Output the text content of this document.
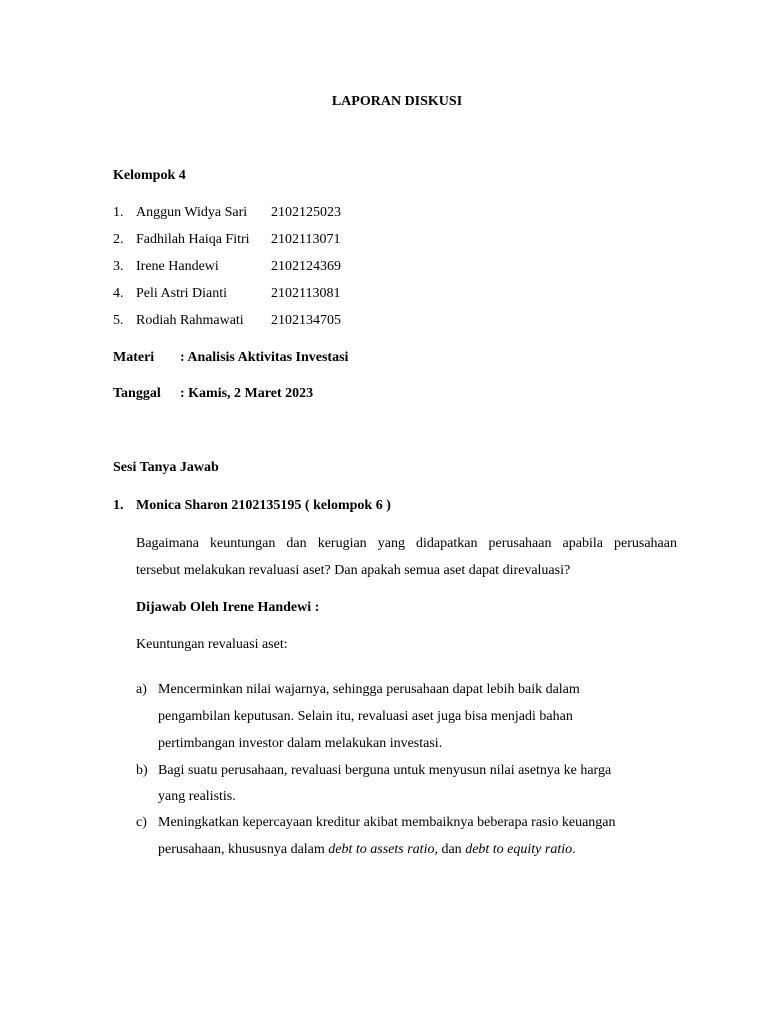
LAPORAN DISKUSI
Kelompok 4
1. Anggun Widya Sari 2102125023
2. Fadhilah Haiqa Fitri 2102113071
3. Irene Handewi	2102124369
4. Peli Astri Dianti	2102113081
5. Rodiah Rahmawati 2102134705
Materi : Analisis Aktivitas Investasi
Tanggal : Kamis, 2 Maret 2023
Sesi Tanya Jawab
1. Monica Sharon 2102135195 ( kelompok 6 )
Bagaimana keuntungan dan kerugian yang didapatkan perusahaan apabila perusahaan
tersebut melakukan revaluasi aset? Dan apakah semua aset dapat direvaluasi?
Dijawab Oleh Irene Handewi :
Keuntungan revaluasi aset:
a) Mencerminkan nilai wajarnya, sehingga perusahaan dapat lebih baik dalam
pengambilan keputusan. Selain itu, revaluasi aset juga bisa menjadi bahan
pertimbangan investor dalam melakukan investasi.
b) Bagi suatu perusahaan, revaluasi berguna untuk menyusun nilai asetnya ke harga
yang realistis.
c) Meningkatkan kepercayaan kreditur akibat membaiknya beberapa rasio keuangan
perusahaan, khususnya dalam debt to assets ratio, dan debt to equity ratio.
